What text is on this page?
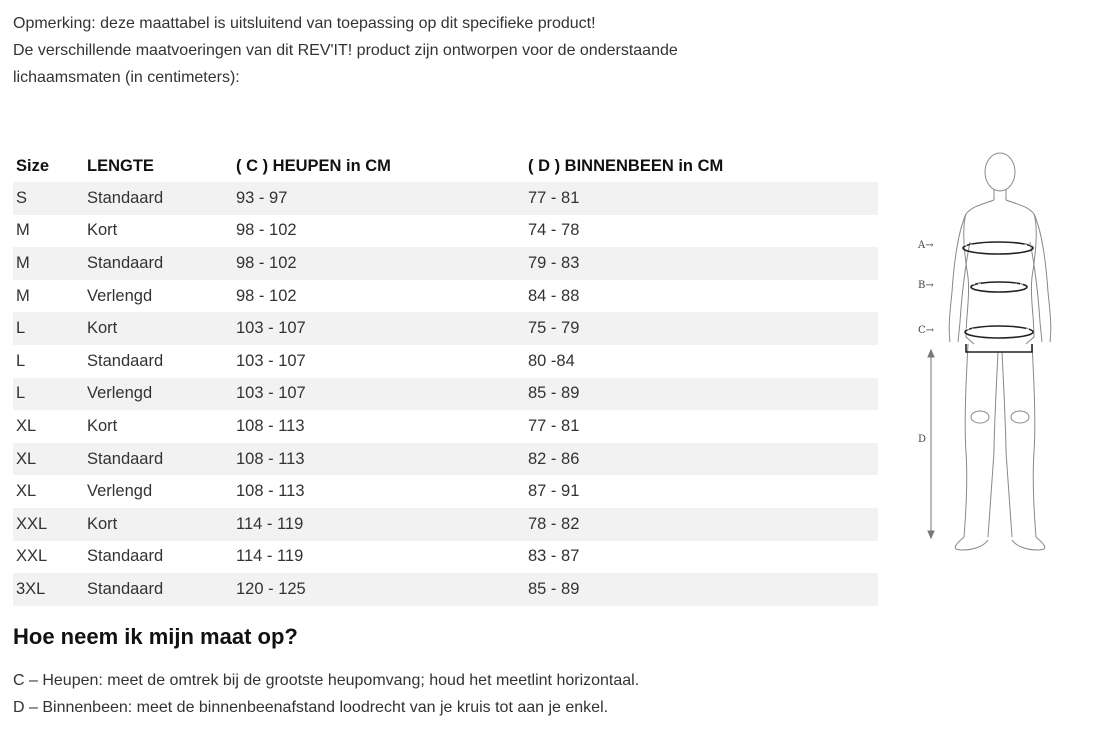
Opmerking: deze maattabel is uitsluitend van toepassing op dit specifieke product!

De verschillende maatvoeringen van dit REV'IT! product zijn ontworpen voor de onderstaande

lichaamsmaten (in centimeters):

Size	LENGTE	( C ) HEUPEN in CM	( D ) BINNENBEEN in CM
S	Standaard	93 - 97	77 - 81
M	Kort	98 - 102	74 - 78
M	Standaard	98 - 102	79 - 83
M	Verlengd	98 - 102	84 - 88
L	Kort	103 - 107	75 - 79
L	Standaard	103 - 107	80 -84
L	Verlengd	103 - 107	85 - 89
XL	Kort	108 - 113	77 - 81
XL	Standaard	108 - 113	82 - 86
XL	Verlengd	108 - 113	87 - 91
XXL	Kort	114 - 119	78 - 82
XXL	Standaard	114 - 119	83 - 87
3XL	Standaard	120 - 125	85 - 89
A→
B→
C→
D
Hoe neem ik mijn maat op?

C – Heupen: meet de omtrek bij de grootste heupomvang; houd het meetlint horizontaal.

D – Binnenbeen: meet de binnenbeenafstand loodrecht van je kruis tot aan je enkel.
